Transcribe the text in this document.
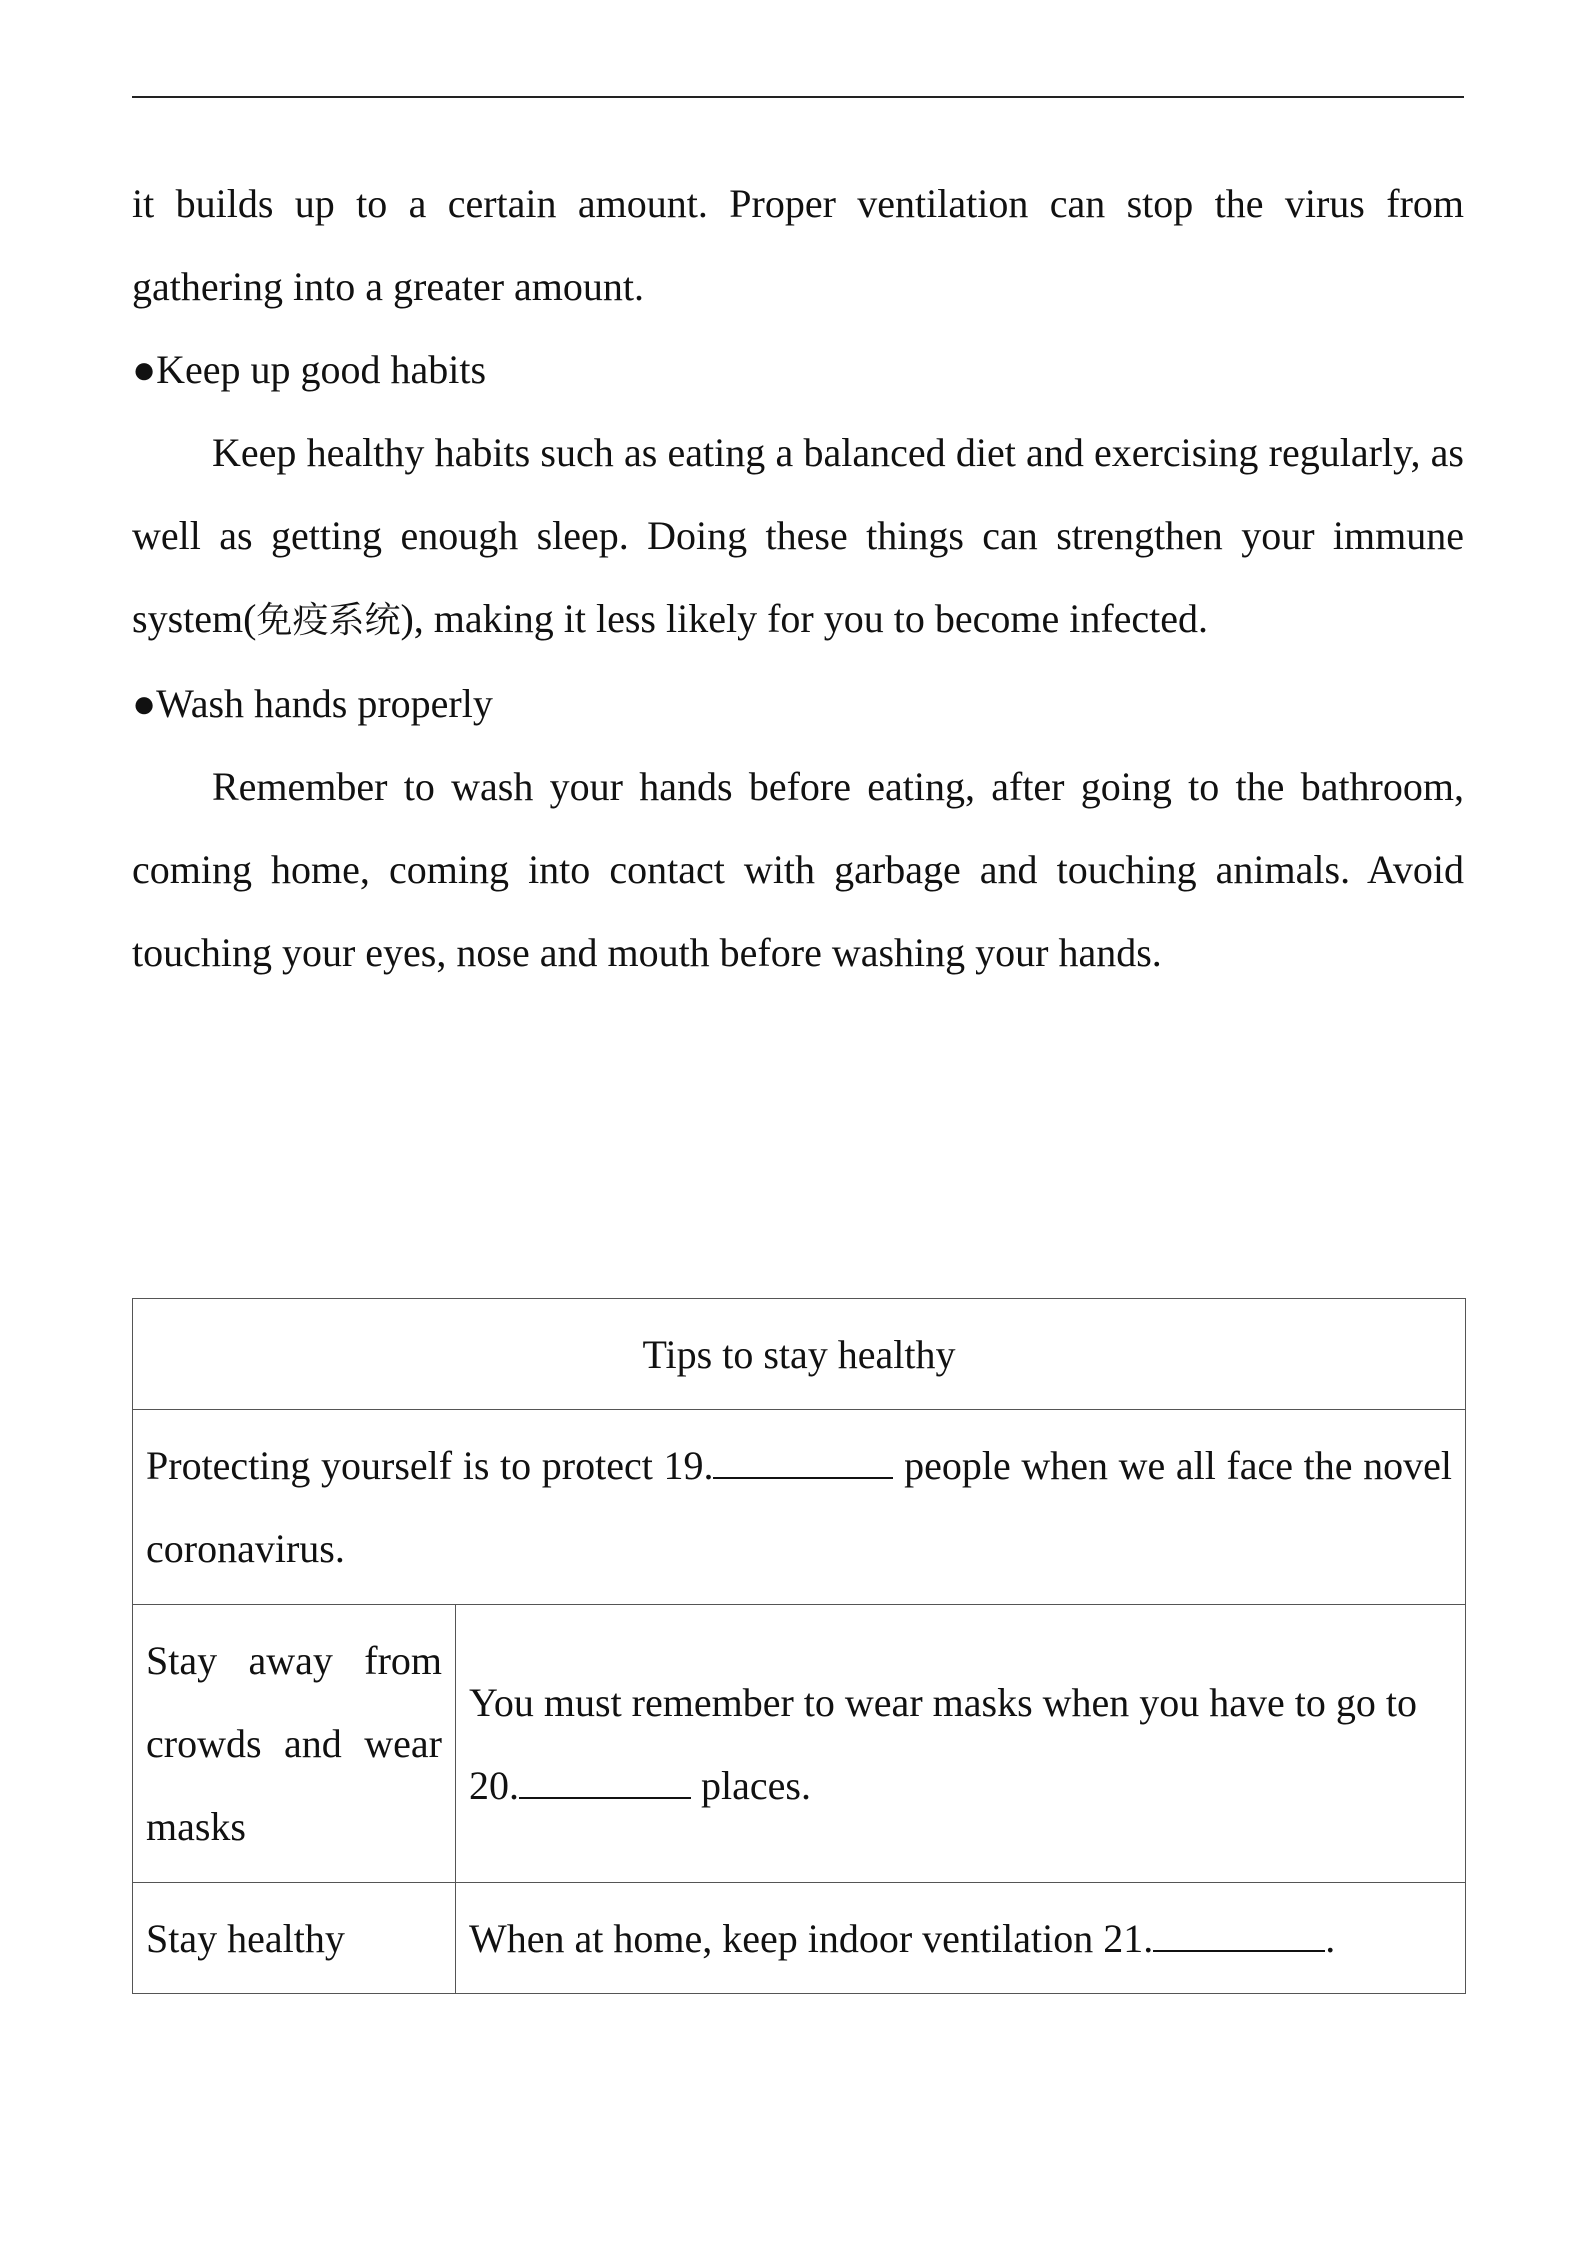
it builds up to a certain amount. Proper ventilation can stop the virus from gathering into a greater amount.

●Keep up good habits

Keep healthy habits such as eating a balanced diet and exercising regularly, as well as getting enough sleep. Doing these things can strengthen your immune system(免疫系统), making it less likely for you to become infected.

●Wash hands properly

Remember to wash your hands before eating, after going to the bathroom, coming home, coming into contact with garbage and touching animals. Avoid touching your eyes, nose and mouth before washing your hands.

Tips to stay healthy	
Protecting yourself is to protect 19. people when we all face the novel coronavirus.	

Stay away from crowds and wear masks	You must remember to wear masks when you have to go to 20. places.
Stay healthy	When at home, keep indoor ventilation 21. .
